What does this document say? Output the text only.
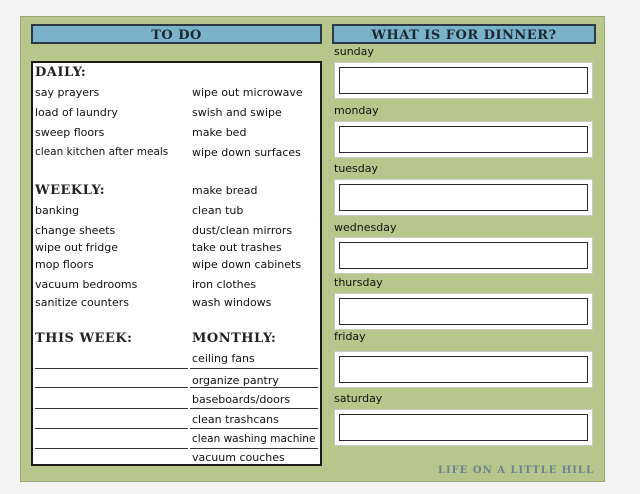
TO DO	WHAT IS FOR DINNER?
DAILY:
say prayers
load of laundry
sweep floors
clean kitchen after meals
wipe out microwave
swish and swipe
make bed
wipe down surfaces
WEEKLY:
banking
change sheets
wipe out fridge
mop floors
vacuum bedrooms
sanitize counters
make bread
clean tub
dust/clean mirrors
take out trashes
wipe down cabinets
iron clothes
wash windows
THIS WEEK:	MONTHLY:
ceiling fans
organize pantry
baseboards/doors
clean trashcans
clean washing machine
vacuum couches
sunday
monday
tuesday
wednesday
thursday
friday
saturday
LIFE ON A LITTLE HILL
